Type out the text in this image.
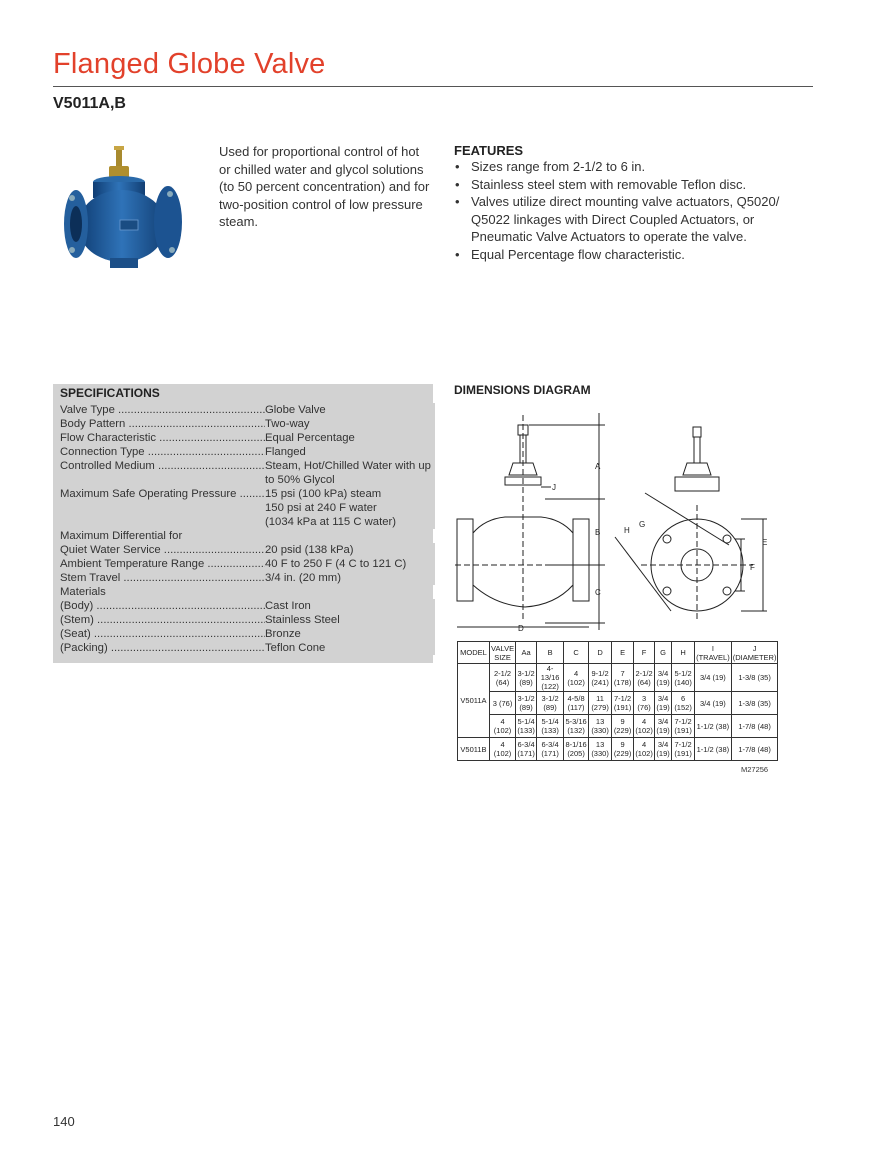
Flanged Globe Valve
V5011A,B
Used for proportional control of hot or chilled water and glycol solutions (to 50 percent concentration) and for two-position control of low pressure steam.
FEATURES
• Sizes range from 2-1/2 to 6 in.
• Stainless steel stem with removable Teflon disc.
• Valves utilize direct mounting valve actuators, Q5020/ Q5022 linkages with Direct Coupled Actuators, or Pneumatic Valve Actuators to operate the valve.
• Equal Percentage flow characteristic.
SPECIFICATIONS
Valve Type .....	Globe Valve
Body Pattern .....	Two-way
Flow Characteristic .....	Equal Percentage
Connection Type .....	Flanged
Controlled Medium .....	Steam, Hot/Chilled Water with up to 50% Glycol
Maximum Safe Operating Pressure .....	15 psi (100 kPa) steam
150 psi at 240 F water
(1034 kPa at 115 C water)
Maximum Differential for
Quiet Water Service .....	20 psid (138 kPa)
Ambient Temperature Range .....	40 F to 250 F (4 C to 121 C)
Stem Travel .....	3/4 in. (20 mm)
Materials
(Body) .....	Cast Iron
(Stem) .....	Stainless Steel
(Seat) .....	Bronze
(Packing) .....	Teflon Cone
DIMENSIONS DIAGRAM
A
B
C
D
E
F
G
H
J
MODEL	VALVE SIZE	Aa	B	C	D	E	F	G	H	I (TRAVEL)	J (DIAMETER)
V5011A	2-1/2 (64)	3-1/2 (89)	4-13/16 (122)	4 (102)	9-1/2 (241)	7 (178)	2-1/2 (64)	3/4 (19)	5-1/2 (140)	3/4 (19)	1-3/8 (35)
	3 (76)	3-1/2 (89)	3-1/2 (89)	4-5/8 (117)	11 (279)	7-1/2 (191)	3 (76)	3/4 (19)	6 (152)	3/4 (19)	1-3/8 (35)
	4 (102)	5-1/4 (133)	5-1/4 (133)	5-3/16 (132)	13 (330)	9 (229)	4 (102)	3/4 (19)	7-1/2 (191)	1-1/2 (38)	1-7/8 (48)
V5011B	4 (102)	6-3/4 (171)	6-3/4 (171)	8-1/16 (205)	13 (330)	9 (229)	4 (102)	3/4 (19)	7-1/2 (191)	1-1/2 (38)	1-7/8 (48)
M27256
140
